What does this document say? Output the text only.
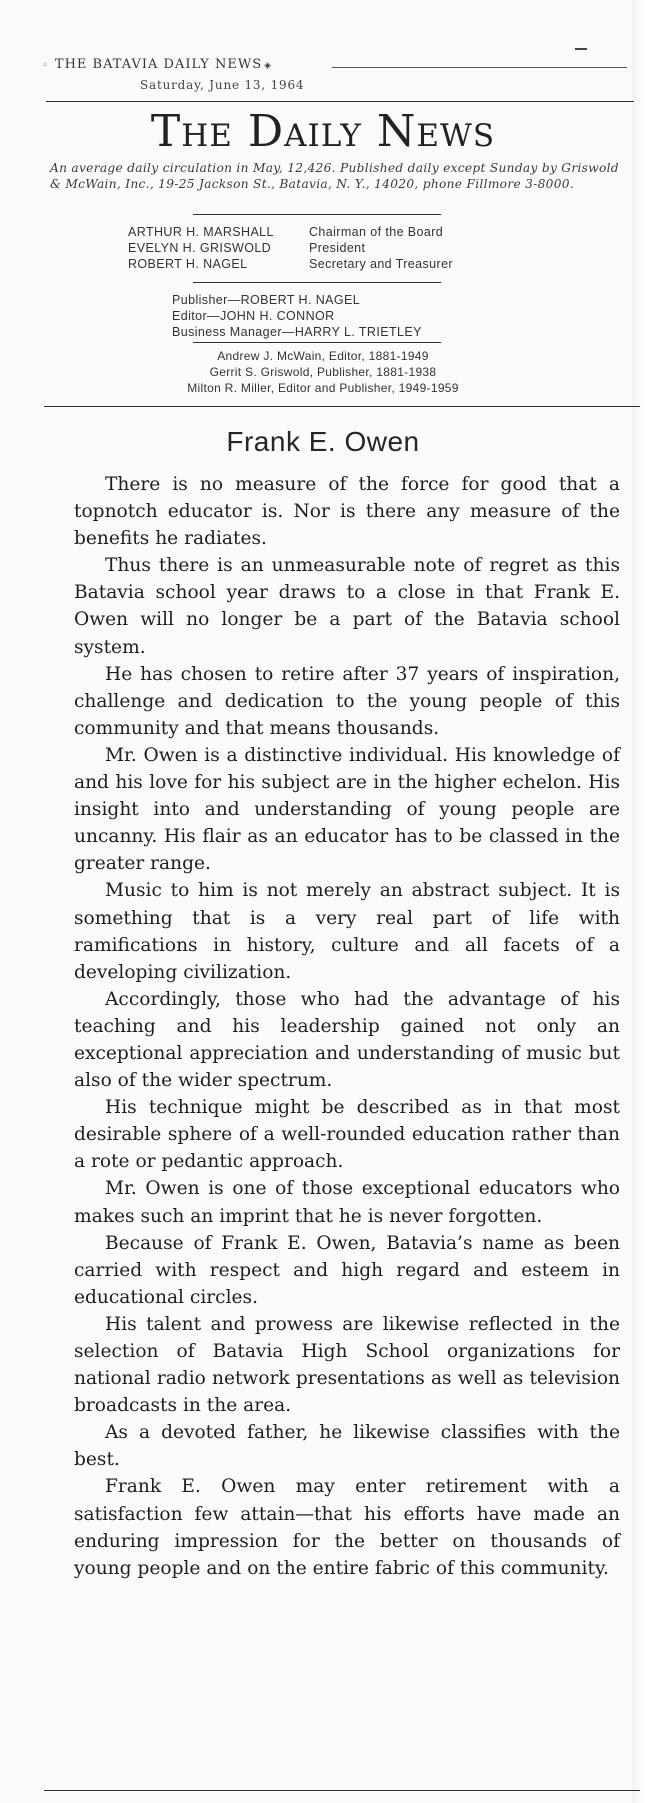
◦ THE BATAVIA DAILY NEWS ◈
Saturday, June 13, 1964
The Daily News
An average daily circulation in May, 12,426. Published daily except Sunday by Griswold & McWain, Inc., 19-25 Jackson St., Batavia, N. Y., 14020, phone Fillmore 3-8000.
ARTHUR H. MARSHALL	Chairman of the Board
EVELYN H. GRISWOLD	President
ROBERT H. NAGEL	Secretary and Treasurer
Publisher—ROBERT H. NAGEL
Editor—JOHN H. CONNOR
Business Manager—HARRY L. TRIETLEY
Andrew J. McWain, Editor, 1881-1949
Gerrit S. Griswold, Publisher, 1881-1938
Milton R. Miller, Editor and Publisher, 1949-1959
Frank E. Owen

There is no measure of the force for good that a topnotch educator is. Nor is there any measure of the benefits he radiates.

Thus there is an unmeasurable note of regret as this Batavia school year draws to a close in that Frank E. Owen will no longer be a part of the Batavia school system.

He has chosen to retire after 37 years of inspiration, challenge and dedication to the young people of this community and that means thousands.

Mr. Owen is a distinctive individual. His knowledge of and his love for his subject are in the higher echelon. His insight into and understanding of young people are uncanny. His flair as an educator has to be classed in the greater range.

Music to him is not merely an abstract subject. It is something that is a very real part of life with ramifications in history, culture and all facets of a developing civilization.

Accordingly, those who had the advantage of his teaching and his leadership gained not only an exceptional appreciation and understanding of music but also of the wider spectrum.

His technique might be described as in that most desirable sphere of a well-rounded education rather than a rote or pedantic approach.

Mr. Owen is one of those exceptional educators who makes such an imprint that he is never forgotten.

Because of Frank E. Owen, Batavia’s name as been carried with respect and high regard and esteem in educational circles.

His talent and prowess are likewise reflected in the selection of Batavia High School organizations for national radio network presentations as well as television broadcasts in the area.

As a devoted father, he likewise classifies with the best.

Frank E. Owen may enter retirement with a satisfaction few attain—that his efforts have made an enduring impression for the better on thousands of young people and on the entire fabric of this community.
